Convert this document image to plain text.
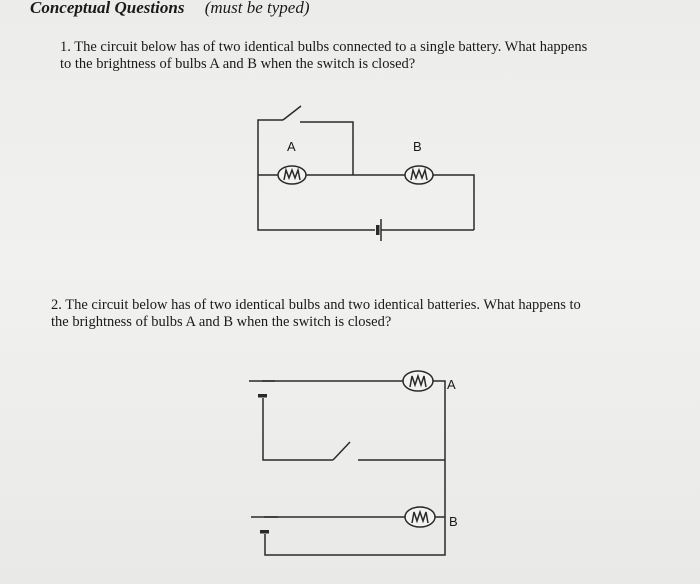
Conceptual Questions (must be typed)
1. The circuit below has of two identical bulbs connected to a single battery. What happens
to the brightness of bulbs A and B when the switch is closed?
2. The circuit below has of two identical bulbs and two identical batteries. What happens to
the brightness of bulbs A and B when the switch is closed?
A	B
A
B
